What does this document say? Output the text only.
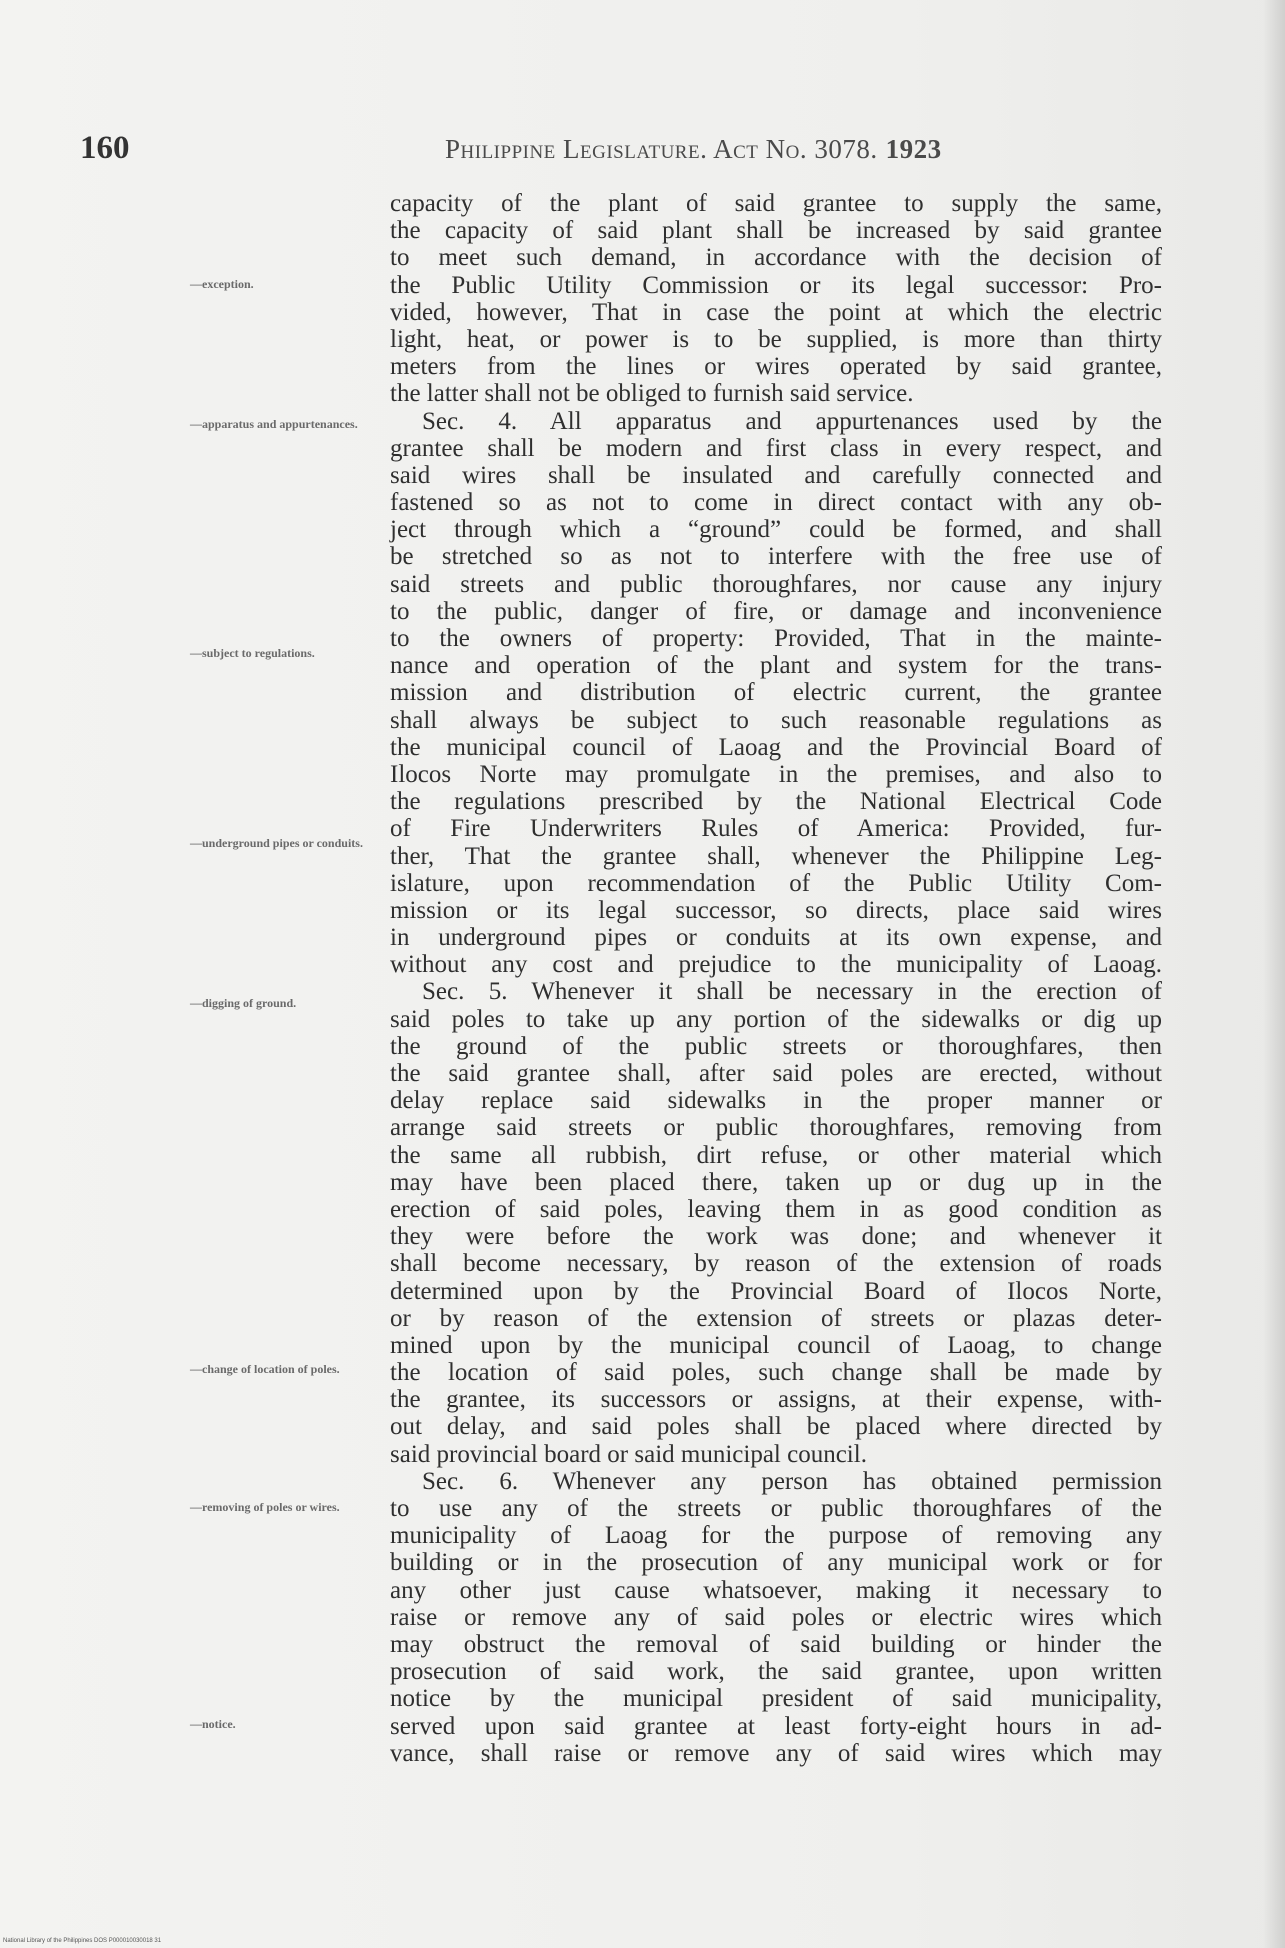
160	Philippine Legislature. Act No. 3078. 1923
—exception.
—apparatus and appurtenances.
—subject to regulations.
—underground pipes or conduits.
—digging of ground.
—change of location of poles.
—removing of poles or wires.
—notice.
capacity of the plant of said grantee to supply the same,
the capacity of said plant shall be increased by said grantee
to meet such demand, in accordance with the decision of
the Public Utility Commission or its legal successor: Pro-
vided, however, That in case the point at which the electric
light, heat, or power is to be supplied, is more than thirty
meters from the lines or wires operated by said grantee,
the latter shall not be obliged to furnish said service.
Sec. 4. All apparatus and appurtenances used by the
grantee shall be modern and first class in every respect, and
said wires shall be insulated and carefully connected and
fastened so as not to come in direct contact with any ob-
ject through which a “ground” could be formed, and shall
be stretched so as not to interfere with the free use of
said streets and public thoroughfares, nor cause any injury
to the public, danger of fire, or damage and inconvenience
to the owners of property: Provided, That in the mainte-
nance and operation of the plant and system for the trans-
mission and distribution of electric current, the grantee
shall always be subject to such reasonable regulations as
the municipal council of Laoag and the Provincial Board of
Ilocos Norte may promulgate in the premises, and also to
the regulations prescribed by the National Electrical Code
of Fire Underwriters Rules of America: Provided, fur-
ther, That the grantee shall, whenever the Philippine Leg-
islature, upon recommendation of the Public Utility Com-
mission or its legal successor, so directs, place said wires
in underground pipes or conduits at its own expense, and
without any cost and prejudice to the municipality of Laoag.
Sec. 5. Whenever it shall be necessary in the erection of
said poles to take up any portion of the sidewalks or dig up
the ground of the public streets or thoroughfares, then
the said grantee shall, after said poles are erected, without
delay replace said sidewalks in the proper manner or
arrange said streets or public thoroughfares, removing from
the same all rubbish, dirt refuse, or other material which
may have been placed there, taken up or dug up in the
erection of said poles, leaving them in as good condition as
they were before the work was done; and whenever it
shall become necessary, by reason of the extension of roads
determined upon by the Provincial Board of Ilocos Norte,
or by reason of the extension of streets or plazas deter-
mined upon by the municipal council of Laoag, to change
the location of said poles, such change shall be made by
the grantee, its successors or assigns, at their expense, with-
out delay, and said poles shall be placed where directed by
said provincial board or said municipal council.
Sec. 6. Whenever any person has obtained permission
to use any of the streets or public thoroughfares of the
municipality of Laoag for the purpose of removing any
building or in the prosecution of any municipal work or for
any other just cause whatsoever, making it necessary to
raise or remove any of said poles or electric wires which
may obstruct the removal of said building or hinder the
prosecution of said work, the said grantee, upon written
notice by the municipal president of said municipality,
served upon said grantee at least forty-eight hours in ad-
vance, shall raise or remove any of said wires which may
National Library of the Philippines DOS P000010030018 31
